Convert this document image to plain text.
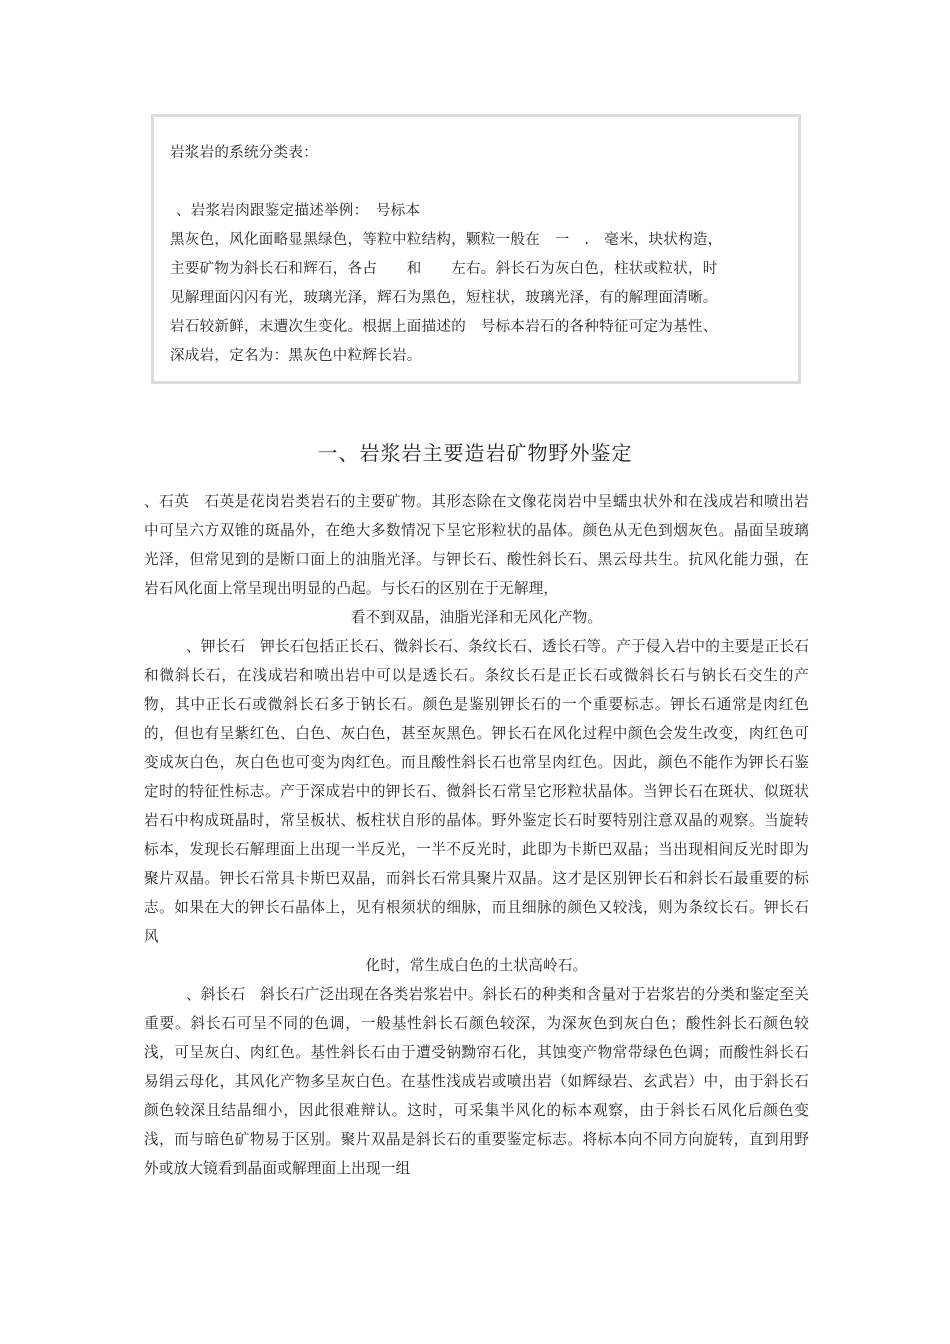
岩浆岩的系统分类表：

、岩浆岩肉跟鉴定描述举例：　号标本

黑灰色，风化面略显黑绿色，等粒中粒结构，颗粒一般在　一　.　毫米，块状构造，

主要矿物为斜长石和辉石，各占　　和　　左右。斜长石为灰白色，柱状或粒状，时

见解理面闪闪有光，玻璃光泽，辉石为黑色，短柱状，玻璃光泽，有的解理面清晰。

岩石较新鲜，末遭次生变化。根据上面描述的　号标本岩石的各种特征可定为基性、

深成岩，定名为：黑灰色中粒辉长岩。

一、岩浆岩主要造岩矿物野外鉴定

、石英　石英是花岗岩类岩石的主要矿物。其形态除在文像花岗岩中呈蠕虫状外和在浅成岩和喷出岩中可呈六方双锥的斑晶外，在绝大多数情况下呈它形粒状的晶体。颜色从无色到烟灰色。晶面呈玻璃光泽，但常见到的是断口面上的油脂光泽。与钾长石、酸性斜长石、黑云母共生。抗风化能力强，在岩石风化面上常呈现出明显的凸起。与长石的区别在于无解理，

看不到双晶，油脂光泽和无风化产物。

、钾长石　钾长石包括正长石、微斜长石、条纹长石、透长石等。产于侵入岩中的主要是正长石和微斜长石，在浅成岩和喷出岩中可以是透长石。条纹长石是正长石或微斜长石与钠长石交生的产物，其中正长石或微斜长石多于钠长石。颜色是鉴别钾长石的一个重要标志。钾长石通常是肉红色的，但也有呈紫红色、白色、灰白色，甚至灰黑色。钾长石在风化过程中颜色会发生改变，肉红色可变成灰白色，灰白色也可变为肉红色。而且酸性斜长石也常呈肉红色。因此，颜色不能作为钾长石鉴定时的特征性标志。产于深成岩中的钾长石、微斜长石常呈它形粒状晶体。当钾长石在斑状、似斑状岩石中构成斑晶时，常呈板状、板柱状自形的晶体。野外鉴定长石时要特别注意双晶的观察。当旋转标本，发现长石解理面上出现一半反光，一半不反光时，此即为卡斯巴双晶；当出现相间反光时即为聚片双晶。钾长石常具卡斯巴双晶，而斜长石常具聚片双晶。这才是区别钾长石和斜长石最重要的标志。如果在大的钾长石晶体上，见有根须状的细脉，而且细脉的颜色又较浅，则为条纹长石。钾长石风

化时，常生成白色的土状高岭石。

、斜长石　斜长石广泛出现在各类岩浆岩中。斜长石的种类和含量对于岩浆岩的分类和鉴定至关重要。斜长石可呈不同的色调，一般基性斜长石颜色较深，为深灰色到灰白色；酸性斜长石颜色较浅，可呈灰白、肉红色。基性斜长石由于遭受钠黝帘石化，其蚀变产物常带绿色色调；而酸性斜长石易绢云母化，其风化产物多呈灰白色。在基性浅成岩或喷出岩（如辉绿岩、玄武岩）中，由于斜长石颜色较深且结晶细小，因此很难辩认。这时，可采集半风化的标本观察，由于斜长石风化后颜色变浅，而与暗色矿物易于区别。聚片双晶是斜长石的重要鉴定标志。将标本向不同方向旋转，直到用野外或放大镜看到晶面或解理面上出现一组
